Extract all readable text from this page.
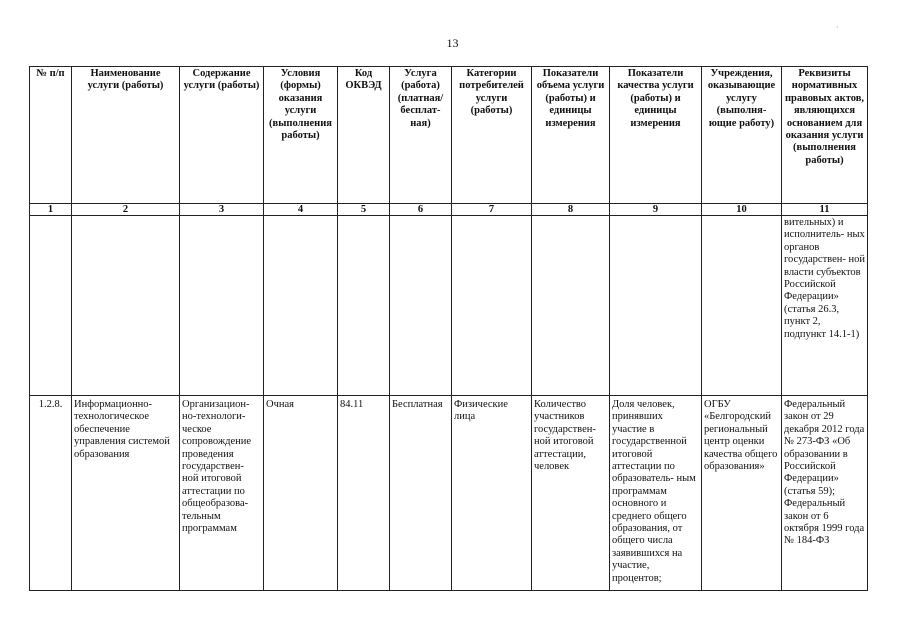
·
13
№ п/п	Наименование услуги (работы)	Содержание услуги (работы)	Условия (формы) оказания услуги (выполнения работы)	Код ОКВЭД	Услуга (работа) (платная/ бесплат- ная)	Категории потребителей услуги (работы)	Показатели объема услуги (работы) и единицы измерения	Показатели качества услуги (работы) и единицы измерения	Учреждения, оказывающие услугу (выполня- ющие работу)	Реквизиты нормативных правовых актов, являющихся основанием для оказания услуги (выполнения работы)
1	2	3	4	5	6	7	8	9	10	11
										вительных) и исполнитель- ных органов государствен- ной власти субъектов Российской Федерации» (статья 26.3, пункт 2, подпункт 14.1-1)
1.2.8.	Информационно- технологическое обеспечение управления системой образования	Организацион- но-технологи- ческое сопровождение проведения государствен- ной итоговой аттестации по общеобразова- тельным программам	Очная	84.11	Бесплатная	Физические лица	Количество участников государствен- ной итоговой аттестации, человек	Доля человек, принявших участие в государственной итоговой аттестации по образователь- ным программам основного и среднего общего образования, от общего числа заявившихся на участие, процентов;	ОГБУ «Белгородский региональный центр оценки качества общего образования»	Федеральный закон от 29 декабря 2012 года № 273-ФЗ «Об образовании в Российской Федерации» (статья 59); Федеральный закон от 6 октября 1999 года № 184-ФЗ
